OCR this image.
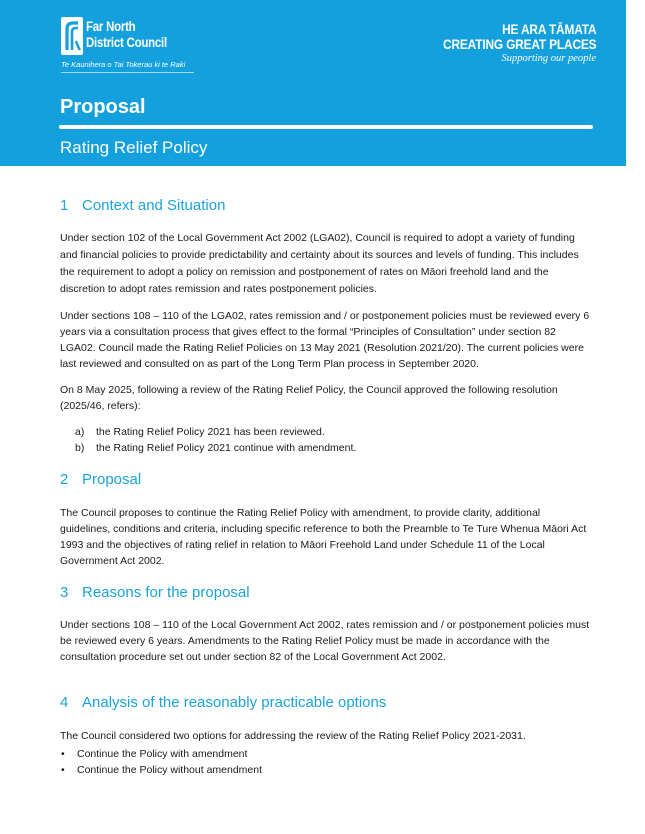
Far North
District Council
Te Kaunihera o Tai Tokerau ki te Raki
HE ARA TĀMATA
CREATING GREAT PLACES
Supporting our people
Proposal
Rating Relief Policy
1 Context and Situation

Under section 102 of the Local Government Act 2002 (LGA02), Council is required to adopt a variety of funding and financial policies to provide predictability and certainty about its sources and levels of funding. This includes the requirement to adopt a policy on remission and postponement of rates on Māori freehold land and the discretion to adopt rates remission and rates postponement policies.

Under sections 108 – 110 of the LGA02, rates remission and / or postponement policies must be reviewed every 6 years via a consultation process that gives effect to the formal “Principles of Consultation” under section 82 LGA02. Council made the Rating Relief Policies on 13 May 2021 (Resolution 2021/20). The current policies were last reviewed and consulted on as part of the Long Term Plan process in September 2020.

On 8 May 2025, following a review of the Rating Relief Policy, the Council approved the following resolution (2025/46, refers):

a) the Rating Relief Policy 2021 has been reviewed.
b) the Rating Relief Policy 2021 continue with amendment.
2 Proposal

The Council proposes to continue the Rating Relief Policy with amendment, to provide clarity, additional guidelines, conditions and criteria, including specific reference to both the Preamble to Te Ture Whenua Māori Act 1993 and the objectives of rating relief in relation to Māori Freehold Land under Schedule 11 of the Local Government Act 2002.

3 Reasons for the proposal

Under sections 108 – 110 of the Local Government Act 2002, rates remission and / or postponement policies must be reviewed every 6 years. Amendments to the Rating Relief Policy must be made in accordance with the consultation procedure set out under section 82 of the Local Government Act 2002.

4 Analysis of the reasonably practicable options

The Council considered two options for addressing the review of the Rating Relief Policy 2021-2031.

• Continue the Policy with amendment
• Continue the Policy without amendment
